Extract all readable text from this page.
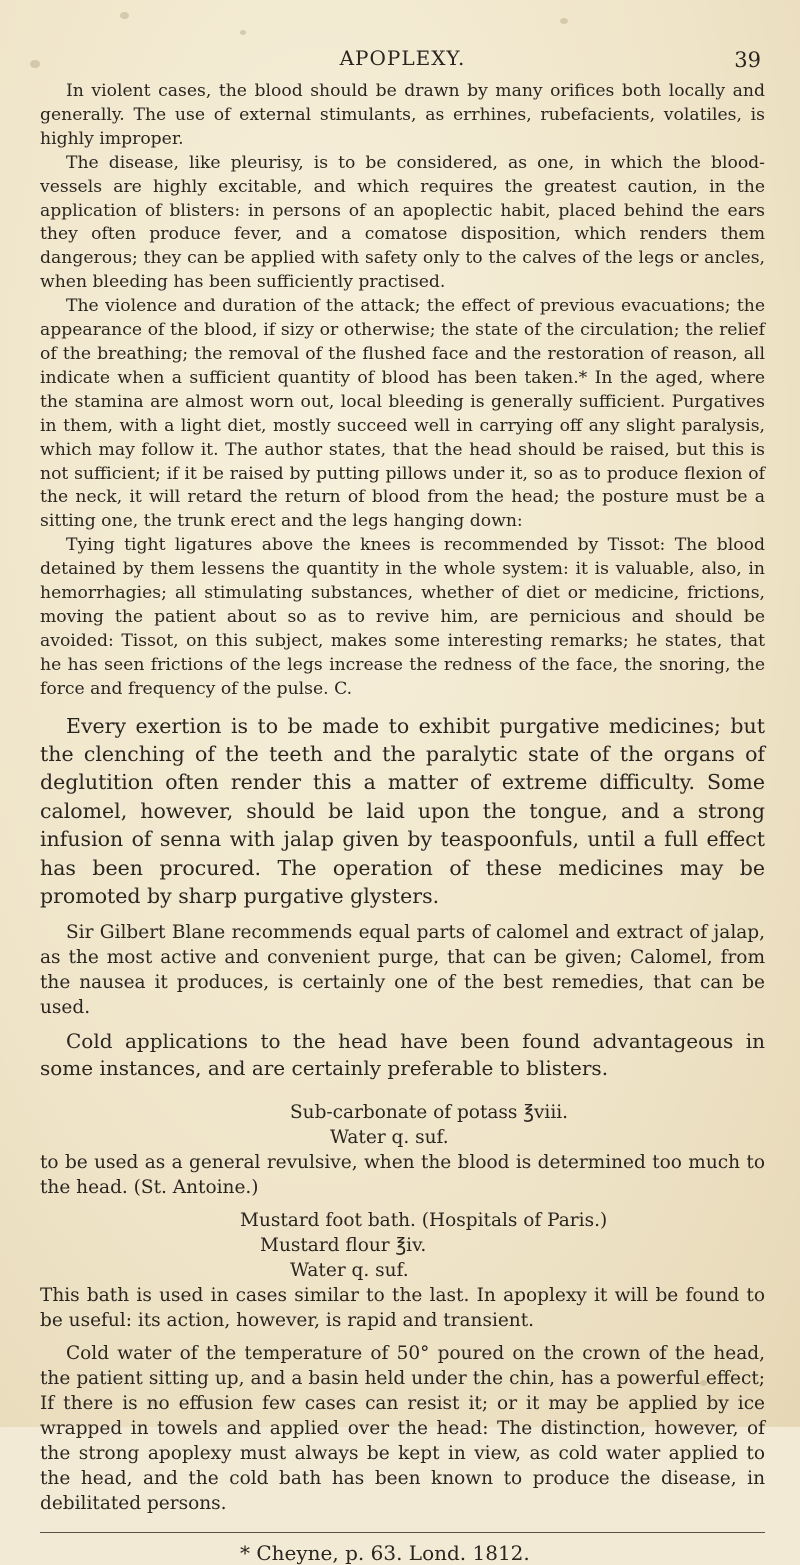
APOPLEXY.	39

In violent cases, the blood should be drawn by many orifices both locally and generally. The use of external stimulants, as errhines, rubefacients, volatiles, is highly improper.

The disease, like pleurisy, is to be considered, as one, in which the blood-vessels are highly excitable, and which requires the greatest caution, in the application of blisters: in persons of an apoplectic habit, placed behind the ears they often produce fever, and a comatose disposition, which renders them dangerous; they can be applied with safety only to the calves of the legs or ancles, when bleeding has been sufficiently practised.

The violence and duration of the attack; the effect of previous evacuations; the appearance of the blood, if sizy or otherwise; the state of the circulation; the relief of the breathing; the removal of the flushed face and the restoration of reason, all indicate when a sufficient quantity of blood has been taken.* In the aged, where the stamina are almost worn out, local bleeding is generally sufficient. Purgatives in them, with a light diet, mostly succeed well in carrying off any slight paralysis, which may follow it. The author states, that the head should be raised, but this is not sufficient; if it be raised by putting pillows under it, so as to produce flexion of the neck, it will retard the return of blood from the head; the posture must be a sitting one, the trunk erect and the legs hanging down:

Tying tight ligatures above the knees is recommended by Tissot: The blood detained by them lessens the quantity in the whole system: it is valuable, also, in hemorrhagies; all stimulating substances, whether of diet or medicine, frictions, moving the patient about so as to revive him, are pernicious and should be avoided: Tissot, on this subject, makes some interesting remarks; he states, that he has seen frictions of the legs increase the redness of the face, the snoring, the force and frequency of the pulse. C.

Every exertion is to be made to exhibit purgative medicines; but the clenching of the teeth and the paralytic state of the organs of deglutition often render this a matter of extreme difficulty. Some calomel, however, should be laid upon the tongue, and a strong infusion of senna with jalap given by teaspoonfuls, until a full effect has been procured. The operation of these medicines may be promoted by sharp purgative glysters.

Sir Gilbert Blane recommends equal parts of calomel and extract of jalap, as the most active and convenient purge, that can be given; Calomel, from the nausea it produces, is certainly one of the best remedies, that can be used.

Cold applications to the head have been found advantageous in some instances, and are certainly preferable to blisters.

Sub-carbonate of potass ℥viii.

Water q. suf.

to be used as a general revulsive, when the blood is determined too much to the head. (St. Antoine.)

Mustard foot bath. (Hospitals of Paris.)

Mustard flour ℥iv.

Water q. suf.

This bath is used in cases similar to the last. In apoplexy it will be found to be useful: its action, however, is rapid and transient.

Cold water of the temperature of 50° poured on the crown of the head, the patient sitting up, and a basin held under the chin, has a powerful effect; If there is no effusion few cases can resist it; or it may be applied by ice wrapped in towels and applied over the head: The distinction, however, of the strong apoplexy must always be kept in view, as cold water applied to the head, and the cold bath has been known to produce the disease, in debilitated persons.

* Cheyne, p. 63. Lond. 1812.
